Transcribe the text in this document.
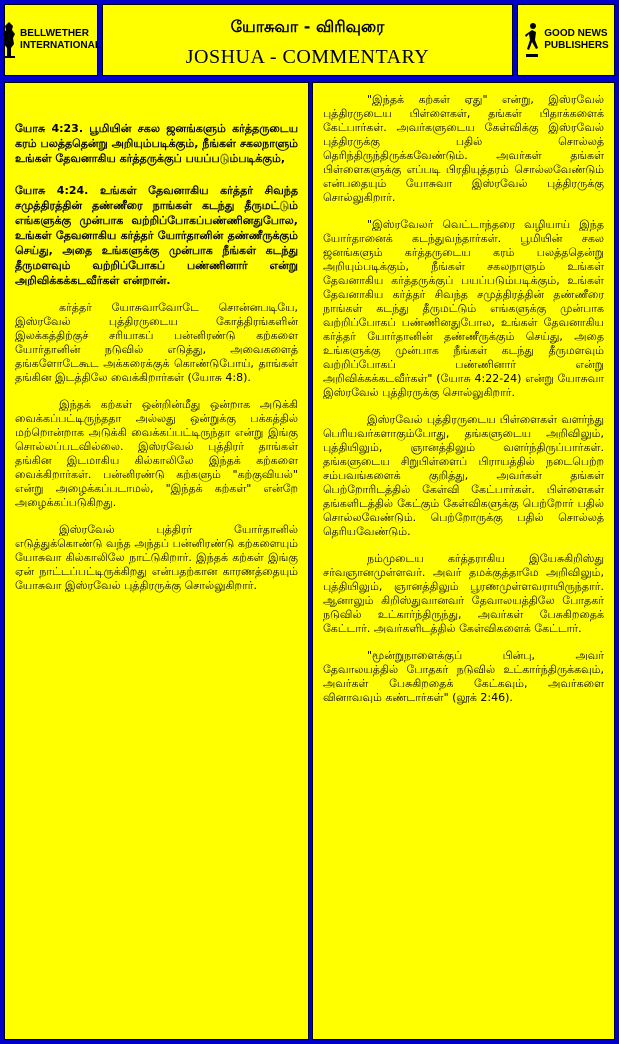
BELLWETHER
INTERNATIONAL
யோசுவா - விரிவுரை
JOSHUA - COMMENTARY
GOOD NEWS
PUBLISHERS

யோசு 4:23. பூமியின் சகல ஜனங்களும் கர்த்தருடைய கரம் பலத்ததென்று அறியும்படிக்கும், நீங்கள் சகலநாளும் உங்கள் தேவனாகிய கர்த்தருக்குப் பயப்படும்படிக்கும்,

யோசு 4:24. உங்கள் தேவனாகிய கர்த்தர் சிவந்த சமுத்திரத்தின் தண்ணீரை நாங்கள் கடந்து தீருமட்டும் எங்களுக்கு முன்பாக வற்றிப்போகப்பண்ணினதுபோல, உங்கள் தேவனாகிய கர்த்தர் யோர்தானின் தண்ணீருக்கும் செய்து, அதை உங்களுக்கு முன்பாக நீங்கள் கடந்து தீருமளவும் வற்றிப்போகப் பண்ணினார் என்று அறிவிக்கக்கடவீர்கள் என்றான்.

கர்த்தர் யோசுவாவோடே சொன்னபடியே, இஸ்ரவேல் புத்திரருடைய கோத்திரங்களின் இலக்கத்திற்குச் சரியாகப் பன்னிரண்டு கற்களை யோர்தானின் நடுவில் எடுத்து, அவைகளைத் தங்களோடேகூட அக்கரைக்குக் கொண்டுபோய், தாங்கள் தங்கின இடத்திலே வைக்கிறார்கள் (யோசு 4:8).

இந்தக் கற்கள் ஒன்றின்மீது ஒன்றாக அடுக்கி வைக்கப்பட்டிருந்ததா அல்லது ஒன்றுக்கு பக்கத்தில் மற்றொன்றாக அடுக்கி வைக்கப்பட்டிருந்தா என்று இங்கு சொல்லப்படவில்லை. இஸ்ரவேல் புத்திரர் தாங்கள் தங்கின இடமாகிய கில்காலிலே இந்தக் கற்களை வைக்கிறார்கள். பன்னிரண்டு கற்களும் "கற்குவியல்" என்று அழைக்கப்படாமல், "இந்தக் கற்கள்" என்றே அழைக்கப்படுகிறது.

இஸ்ரவேல் புத்திரர் யோர்தானில் எடுத்துக்கொண்டு வந்த அந்தப் பன்னிரண்டு கற்களையும் யோசுவா கில்காலிலே நாட்டுகிறார். இந்தக் கற்கள் இங்கு ஏன் நாட்டப்பட்டிருக்கிறது என்பதற்கான காரணத்தையும் யோசுவா இஸ்ரவேல் புத்திரருக்கு சொல்லுகிறார்.

"இந்தக் கற்கள் ஏது" என்று, இஸ்ரவேல் புத்திரருடைய பிள்ளைகள், தங்கள் பிதாக்களைக் கேட்பார்கள். அவர்களுடைய கேள்விக்கு இஸ்ரவேல் புத்திரருக்கு பதில் சொல்லத் தெரிந்திருந்திருக்கவேண்டும். அவர்கள் தங்கள் பிள்ளைகளுக்கு எப்படி பிரதியுத்தரம் சொல்லவேண்டும் என்பதையும் யோசுவா இஸ்ரவேல் புத்திரருக்கு சொல்லுகிறார்.

"இஸ்ரவேலர் வெட்டாந்தரை வழியாய் இந்த யோர்தானைக் கடந்துவந்தார்கள். பூமியின் சகல ஜனங்களும் கர்த்தருடைய கரம் பலத்ததென்று அறியும்படிக்கும், நீங்கள் சகலநாளும் உங்கள் தேவனாகிய கர்த்தருக்குப் பயப்படும்படிக்கும், உங்கள் தேவனாகிய கர்த்தர் சிவந்த சமுத்திரத்தின் தண்ணீரை நாங்கள் கடந்து தீருமட்டும் எங்களுக்கு முன்பாக வற்றிப்போகப் பண்ணினதுபோல, உங்கள் தேவனாகிய கர்த்தர் யோர்தானின் தண்ணீருக்கும் செய்து, அதை உங்களுக்கு முன்பாக நீங்கள் கடந்து தீருமளவும் வற்றிப்போகப் பண்ணினார் என்று அறிவிக்கக்கடவீர்கள்" (யோசு 4:22-24) என்று யோசுவா இஸ்ரவேல் புத்திரருக்கு சொல்லுகிறார்.

இஸ்ரவேல் புத்திரருடைய பிள்ளைகள் வளர்ந்து பெரியவர்களாகும்போது, தங்களுடைய அறிவிலும், புத்தியிலும், ஞானத்திலும் வளர்ந்திருப்பார்கள். தங்களுடைய சிறுபிள்ளைப் பிராயத்தில் நடைபெற்ற சம்பவங்களைக் குறித்து, அவர்கள் தங்கள் பெற்றோரிடத்தில் கேள்வி கேட்பார்கள். பிள்ளைகள் தங்களிடத்தில் கேட்கும் கேள்விகளுக்கு பெற்றோர் பதில் சொல்லவேண்டும். பெற்றோருக்கு பதில் சொல்லத் தெரியவேண்டும்.

நம்முடைய கர்த்தராகிய இயேசுகிறிஸ்து சர்வஞானமுள்ளவர். அவர் தமக்குத்தாமே அறிவிலும், புத்தியிலும், ஞானத்திலும் பூரணமுள்ளவராயிருந்தார். ஆனாலும் கிறிஸ்துவானவர் தேவாலயத்திலே போதகர் நடுவில் உட்கார்ந்திருந்து, அவர்கள் பேசுகிறதைக் கேட்டார். அவர்களிடத்தில் கேள்விகளைக் கேட்டார்.

"மூன்றுநாளைக்குப் பின்பு, அவர் தேவாலயத்தில் போதகர் நடுவில் உட்கார்ந்திருக்கவும், அவர்கள் பேசுகிறதைக் கேட்கவும், அவர்களை வினாவவும் கண்டார்கள்" (லூக் 2:46).
